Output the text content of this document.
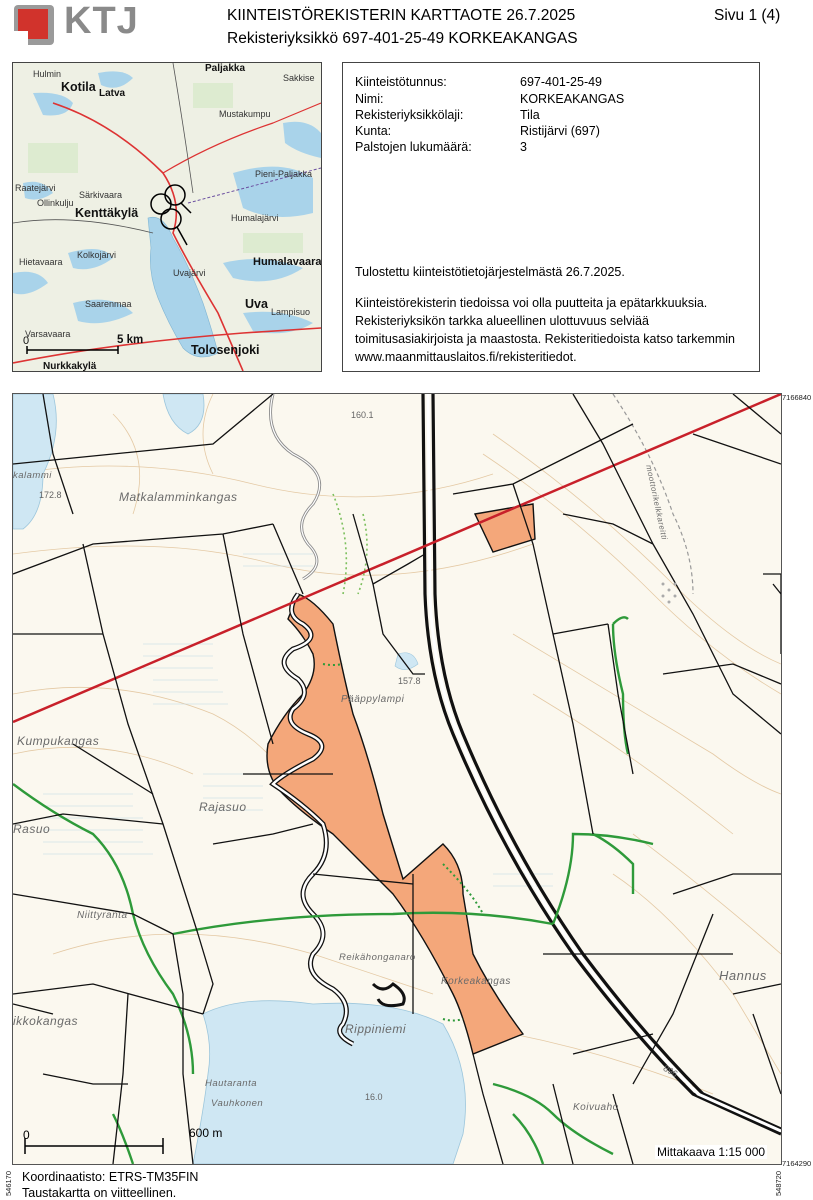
KTJ	KIINTEISTÖREKISTERIN KARTTAOTE 26.7.2025
Rekisteriyksikkö 697-401-25-49 KORKEAKANGAS
Sivu 1 (4)
Kotila Latva
Paljakka
Kenttäkylä
Humalavaara
Uva
Tolosenjoki
Nurkkakylä
Hulmin
Mustakumpu
Sakkise
Pieni-Paljakka
Särkivaara
Ollinkulju
Humalajärvi
Hietavaara
Kolkojärvi
Saarenmaa
Uvajärvi
Lampisuo
Varsavaara
Raatejärvi
0	5 km
Kiinteistötunnus:	697-401-25-49
Nimi:	KORKEAKANGAS
Rekisteriyksikkölaji:	Tila
Kunta:	Ristijärvi (697)
Palstojen lukumäärä:	3
Tulostettu kiinteistötietojärjestelmästä 26.7.2025.
Kiinteistörekisterin tiedoissa voi olla puutteita ja epätarkkuuksia.
Rekisteriyksikön tarkka alueellinen ulottuvuus selviää
toimitusasiakirjoista ja maastosta. Rekisteritiedoista katso tarkemmin
www.maanmittauslaitos.fi/rekisteritiedot.
Matkalamminkangas
Kumpukangas
Rajasuo
Niittyranta
Reikähonganaro
Korkeakangas
Rippiniemi
Hautaranta
Vauhkonen	Koivuaho
Hannus
Rasuo
ikkokangas
Pääppylampi
moottorikelkkareitti
kalammi
160.1
172.8
157.8
16.0
896
0	600 m
Mittakaava 1:15 000
7166840
7164290
546170	548720
Koordinaatisto: ETRS-TM35FIN
Taustakartta on viitteellinen.
